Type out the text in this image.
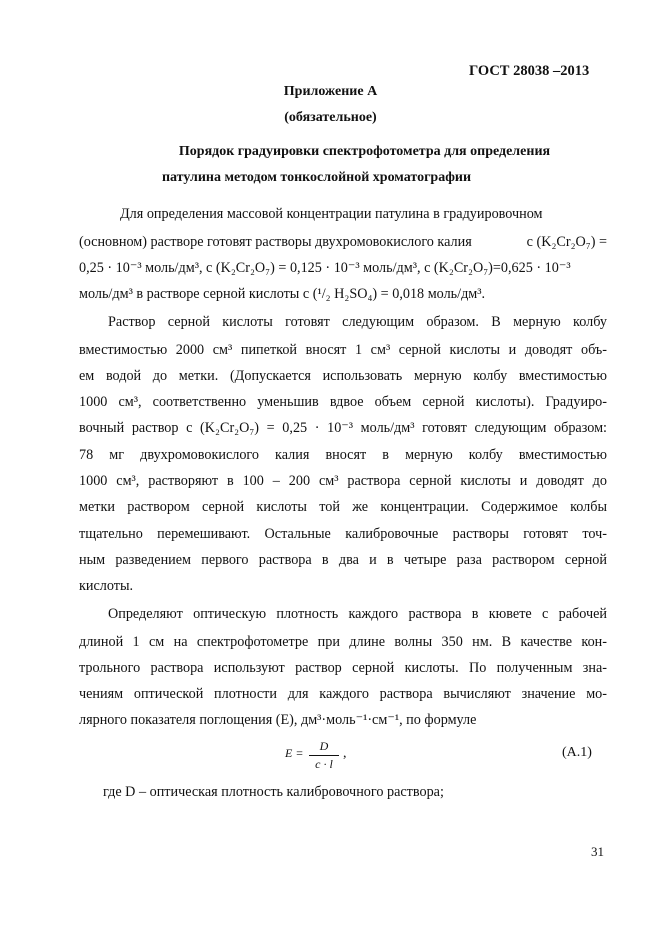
ГОСТ 28038 –2013
Приложение А
(обязательное)
Порядок градуировки спектрофотометра для определения
патулина методом тонкослойной хроматографии
Для определения массовой концентрации патулина в градуировочном
(основном) растворе готовят растворы двухромовокислого калия	c (K₂Cr₂O₇) =
0,25 · 10⁻³ моль/дм³, c (K₂Cr₂O₇) = 0,125 · 10⁻³ моль/дм³, c (K₂Cr₂O₇)=0,625 · 10⁻³
моль/дм³ в растворе серной кислоты c (¹/₂ H₂SO₄) = 0,018 моль/дм³.
Раствор серной кислоты готовят следующим образом. В мерную колбу
вместимостью 2000 см³ пипеткой вносят 1 см³ серной кислоты и доводят объ-
ем водой до метки. (Допускается использовать мерную колбу вместимостью
1000 см³, соответственно уменьшив вдвое объем серной кислоты). Градуиро-
вочный раствор c (K₂Cr₂O₇) = 0,25 · 10⁻³ моль/дм³ готовят следующим образом:
78 мг двухромовокислого калия вносят в мерную колбу вместимостью
1000 см³, растворяют в 100 – 200 см³ раствора серной кислоты и доводят до
метки раствором серной кислоты той же концентрации. Содержимое колбы
тщательно перемешивают. Остальные калибровочные растворы готовят точ-
ным разведением первого раствора в два и в четыре раза раствором серной
кислоты.
Определяют оптическую плотность каждого раствора в кювете с рабочей
длиной 1 см на спектрофотометре при длине волны 350 нм. В качестве кон-
трольного раствора используют раствор серной кислоты. По полученным зна-
чениям оптической плотности для каждого раствора вычисляют значение мо-
лярного показателя поглощения (E), дм³·моль⁻¹·см⁻¹, по формуле
$E = \frac{D}{c \cdot l}$ ,	(А.1)
где D – оптическая плотность калибровочного раствора;
31
